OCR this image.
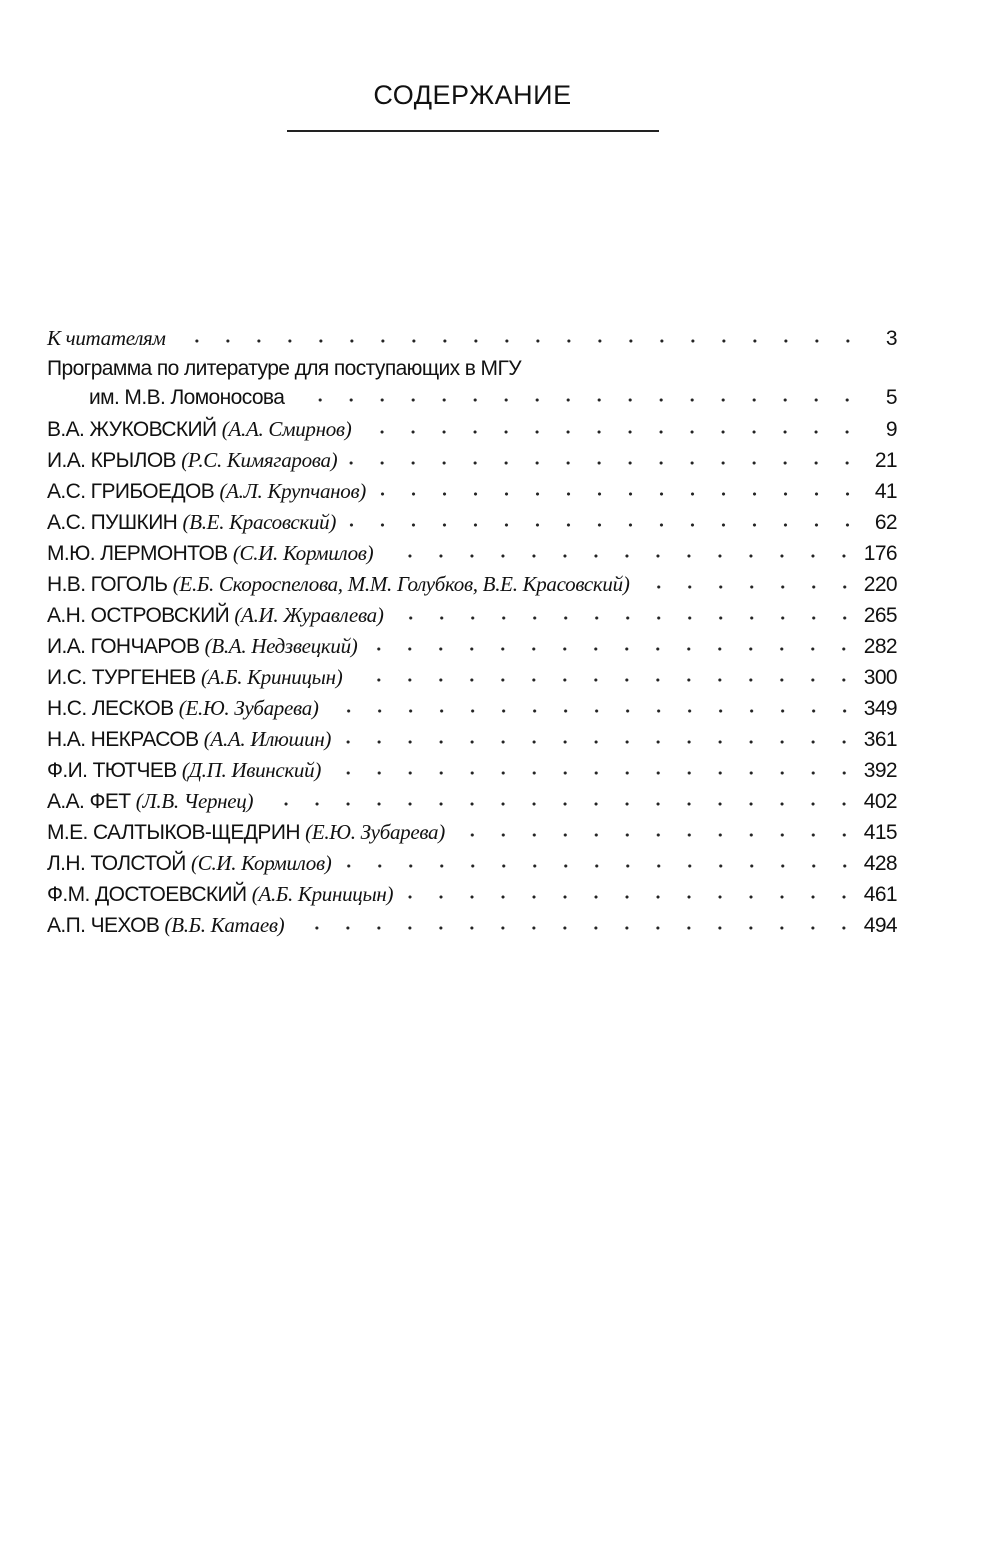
СОДЕРЖАНИЕ
К читателям	3
Программа по литературе для поступающих в МГУ
им. М.В. Ломоносова	5
В.А. ЖУКОВСКИЙ (А.А. Смирнов)	9
И.А. КРЫЛОВ (Р.С. Кимягарова)	21
А.С. ГРИБОЕДОВ (А.Л. Крупчанов)	41
А.С. ПУШКИН (В.Е. Красовский)	62
М.Ю. ЛЕРМОНТОВ (С.И. Кормилов)	176
Н.В. ГОГОЛЬ (Е.Б. Скороспелова, М.М. Голубков, В.Е. Красовский)	220
А.Н. ОСТРОВСКИЙ (А.И. Журавлева)	265
И.А. ГОНЧАРОВ (В.А. Недзвецкий)	282
И.С. ТУРГЕНЕВ (А.Б. Криницын)	300
Н.С. ЛЕСКОВ (Е.Ю. Зубарева)	349
Н.А. НЕКРАСОВ (А.А. Илюшин)	361
Ф.И. ТЮТЧЕВ (Д.П. Ивинский)	392
А.А. ФЕТ (Л.В. Чернец)	402
М.Е. САЛТЫКОВ-ЩЕДРИН (Е.Ю. Зубарева)	415
Л.Н. ТОЛСТОЙ (С.И. Кормилов)	428
Ф.М. ДОСТОЕВСКИЙ (А.Б. Криницын)	461
А.П. ЧЕХОВ (В.Б. Катаев)	494
